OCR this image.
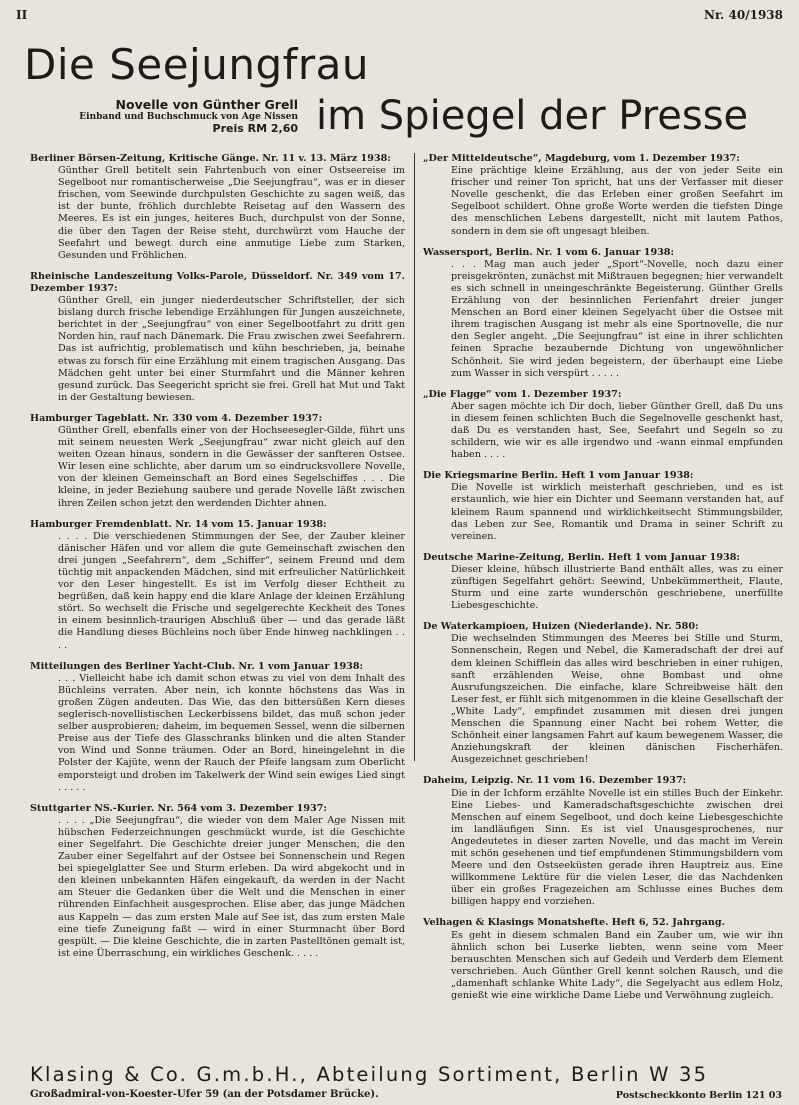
II	Nr. 40/1938
Die Seejungfrau
Novelle von Günther Grell
Einband und Buchschmuck von Age Nissen
Preis RM 2,60 im Spiegel der Presse
Berliner Börsen-Zeitung, Kritische Gänge. Nr. 11 v. 13. März 1938:
Günther Grell betitelt sein Fahrtenbuch von einer Ostseereise im Segelboot nur romantischerweise „Die Seejungfrau“, was er in dieser frischen, vom Seewinde durchpulsten Geschichte zu sagen weiß, das ist der bunte, fröhlich durchlebte Reisetag auf den Wassern des Meeres. Es ist ein junges, heiteres Buch, durchpulst von der Sonne, die über den Tagen der Reise steht, durchwürzt vom Hauche der Seefahrt und bewegt durch eine anmutige Liebe zum Starken, Gesunden und Fröhlichen.
Rheinische Landeszeitung Volks-Parole, Düsseldorf. Nr. 349 vom 17. Dezember 1937:
Günther Grell, ein junger niederdeutscher Schriftsteller, der sich bislang durch frische lebendige Erzählungen für Jungen auszeichnete, berichtet in der „Seejungfrau“ von einer Segelbootfahrt zu dritt gen Norden hin, rauf nach Dänemark. Die Frau zwischen zwei Seefahrern. Das ist aufrichtig, problematisch und kühn beschrieben, ja, beinahe etwas zu forsch für eine Erzählung mit einem tragischen Ausgang. Das Mädchen geht unter bei einer Sturmfahrt und die Männer kehren gesund zurück. Das Seegericht spricht sie frei. Grell hat Mut und Takt in der Gestaltung bewiesen.
Hamburger Tageblatt. Nr. 330 vom 4. Dezember 1937:
Günther Grell, ebenfalls einer von der Hochseesegler-Gilde, führt uns mit seinem neuesten Werk „Seejungfrau“ zwar nicht gleich auf den weiten Ozean hinaus, sondern in die Gewässer der sanfteren Ostsee. Wir lesen eine schlichte, aber darum um so eindrucksvollere Novelle, von der kleinen Gemeinschaft an Bord eines Segelschiffes . . . Die kleine, in jeder Beziehung saubere und gerade Novelle läßt zwischen ihren Zeilen schon jetzt den werdenden Dichter ahnen.
Hamburger Fremdenblatt. Nr. 14 vom 15. Januar 1938:
. . . . Die verschiedenen Stimmungen der See, der Zauber kleiner dänischer Häfen und vor allem die gute Gemeinschaft zwischen den drei jungen „Seefahrern“, dem „Schiffer“, seinem Freund und dem tüchtig mit anpackenden Mädchen, sind mit erfreulicher Natürlichkeit vor den Leser hingestellt. Es ist im Verfolg dieser Echtheit zu begrüßen, daß kein happy end die klare Anlage der kleinen Erzählung stört. So wechselt die Frische und segelgerechte Keckheit des Tones in einem besinnlich-traurigen Abschluß über — und das gerade läßt die Handlung dieses Büchleins noch über Ende hinweg nachklingen . . . .
Mitteilungen des Berliner Yacht-Club. Nr. 1 vom Januar 1938:
. . . Vielleicht habe ich damit schon etwas zu viel von dem Inhalt des Büchleins verraten. Aber nein, ich konnte höchstens das Was in großen Zügen andeuten. Das Wie, das den bittersüßen Kern dieses seglerisch-novellistischen Leckerbissens bildet, das muß schon jeder selber ausprobieren; daheim, im bequemen Sessel, wenn die silbernen Preise aus der Tiefe des Glasschranks blinken und die alten Stander von Wind und Sonne träumen. Oder an Bord, hineingelehnt in die Polster der Kajüte, wenn der Rauch der Pfeife langsam zum Oberlicht emporsteigt und droben im Takelwerk der Wind sein ewiges Lied singt . . . . .
Stuttgarter NS.-Kurier. Nr. 564 vom 3. Dezember 1937:
. . . . „Die Seejungfrau“, die wieder von dem Maler Age Nissen mit hübschen Federzeichnungen geschmückt wurde, ist die Geschichte einer Segelfahrt. Die Geschichte dreier junger Menschen, die den Zauber einer Segelfahrt auf der Ostsee bei Sonnenschein und Regen bei spiegelglatter See und Sturm erleben. Da wird abgekocht und in den kleinen unbekannten Häfen eingekauft, da werden in der Nacht am Steuer die Gedanken über die Welt und die Menschen in einer rührenden Einfachheit ausgesprochen. Elise aber, das junge Mädchen aus Kappeln — das zum ersten Male auf See ist, das zum ersten Male eine tiefe Zuneigung faßt — wird in einer Sturmnacht über Bord gespült. — Die kleine Geschichte, die in zarten Pastelltönen gemalt ist, ist eine Überraschung, ein wirkliches Geschenk. . . . .
„Der Mitteldeutsche“, Magdeburg, vom 1. Dezember 1937:
Eine prächtige kleine Erzählung, aus der von jeder Seite ein frischer und reiner Ton spricht, hat uns der Verfasser mit dieser Novelle geschenkt, die das Erleben einer großen Seefahrt im Segelboot schildert. Ohne große Worte werden die tiefsten Dinge des menschlichen Lebens dargestellt, nicht mit lautem Pathos, sondern in dem sie oft ungesagt bleiben.
Wassersport, Berlin. Nr. 1 vom 6. Januar 1938:
. . . Mag man auch jeder „Sport“-Novelle, noch dazu einer preisgekrönten, zunächst mit Mißtrauen begegnen; hier verwandelt es sich schnell in uneingeschränkte Begeisterung. Günther Grells Erzählung von der besinnlichen Ferienfahrt dreier junger Menschen an Bord einer kleinen Segelyacht über die Ostsee mit ihrem tragischen Ausgang ist mehr als eine Sportnovelle, die nur den Segler angeht. „Die Seejungfrau“ ist eine in ihrer schlichten feinen Sprache bezaubernde Dichtung von ungewöhnlicher Schönheit. Sie wird jeden begeistern, der überhaupt eine Liebe zum Wasser in sich verspürt . . . . .
„Die Flagge“ vom 1. Dezember 1937:
Aber sagen möchte ich Dir doch, lieber Günther Grell, daß Du uns in diesem feinen schlichten Buch die Segelnovelle geschenkt hast, daß Du es verstanden hast, See, Seefahrt und Segeln so zu schildern, wie wir es alle irgendwo und -wann einmal empfunden haben . . . .
Die Kriegsmarine Berlin. Heft 1 vom Januar 1938:
Die Novelle ist wirklich meisterhaft geschrieben, und es ist erstaunlich, wie hier ein Dichter und Seemann verstanden hat, auf kleinem Raum spannend und wirklichkeitsecht Stimmungsbilder, das Leben zur See, Romantik und Drama in seiner Schrift zu vereinen.
Deutsche Marine-Zeitung, Berlin. Heft 1 vom Januar 1938:
Dieser kleine, hübsch illustrierte Band enthält alles, was zu einer zünftigen Segelfahrt gehört: Seewind, Unbekümmertheit, Flaute, Sturm und eine zarte wunderschön geschriebene, unerfüllte Liebesgeschichte.
De Waterkampioen, Huizen (Niederlande). Nr. 580:
Die wechselnden Stimmungen des Meeres bei Stille und Sturm, Sonnenschein, Regen und Nebel, die Kameradschaft der drei auf dem kleinen Schifflein das alles wird beschrieben in einer ruhigen, sanft erzählenden Weise, ohne Bombast und ohne Ausrufungszeichen. Die einfache, klare Schreibweise hält den Leser fest, er fühlt sich mitgenommen in die kleine Gesellschaft der „White Lady“, empfindet zusammen mit diesen drei jungen Menschen die Spannung einer Nacht bei rohem Wetter, die Schönheit einer langsamen Fahrt auf kaum bewegenem Wasser, die Anziehungskraft der kleinen dänischen Fischerhäfen. Ausgezeichnet geschrieben!
Daheim, Leipzig. Nr. 11 vom 16. Dezember 1937:
Die in der Ichform erzählte Novelle ist ein stilles Buch der Einkehr. Eine Liebes- und Kameradschaftsgeschichte zwischen drei Menschen auf einem Segelboot, und doch keine Liebesgeschichte im landläufigen Sinn. Es ist viel Unausgesprochenes, nur Angedeutetes in dieser zarten Novelle, und das macht im Verein mit schön gesehenen und tief empfundenen Stimmungsbildern vom Meere und den Ostseeküsten gerade ihren Hauptreiz aus. Eine willkommene Lektüre für die vielen Leser, die das Nachdenken über ein großes Fragezeichen am Schlusse eines Buches dem billigen happy end vorziehen.
Velhagen & Klasings Monatshefte. Heft 6, 52. Jahrgang.
Es geht in diesem schmalen Band ein Zauber um, wie wir ihn ähnlich schon bei Luserke liebten, wenn seine vom Meer berauschten Menschen sich auf Gedeih und Verderb dem Element verschrieben. Auch Günther Grell kennt solchen Rausch, und die „damenhaft schlanke White Lady“, die Segelyacht aus edlem Holz, genießt wie eine wirkliche Dame Liebe und Verwöhnung zugleich.
Klasing & Co. G.m.b.H., Abteilung Sortiment, Berlin W 35
Großadmiral-von-Koester-Ufer 59 (an der Potsdamer Brücke).	Postscheckkonto Berlin 121 03
